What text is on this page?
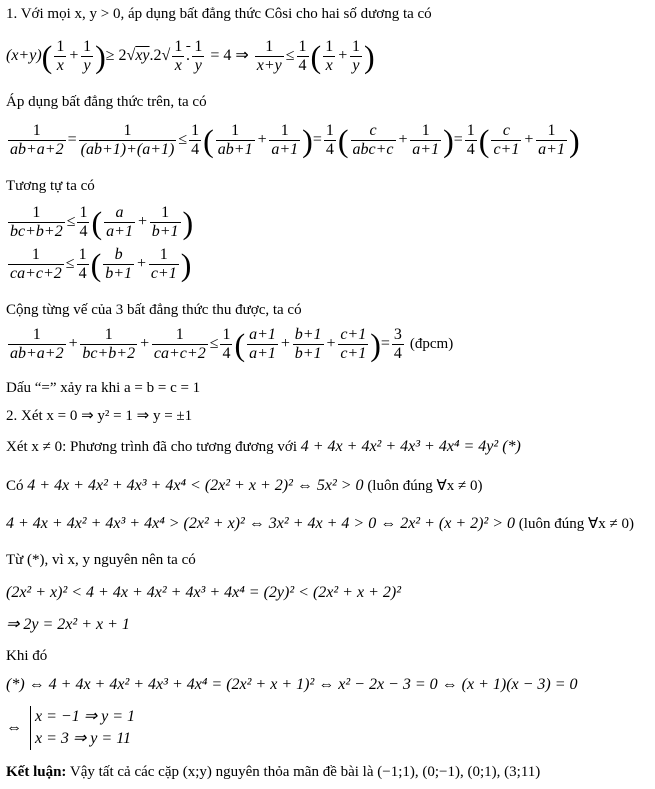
1. Với mọi x, y > 0, áp dụng bất đẳng thức Côsi cho hai số dương ta có
$(x+y)( \frac{1}{x} + \frac{1}{y}$ )≥ $2√xy.2√ \frac{1}{x}$ . $\frac{1}{y} = 4$ ⇒ $\frac{1}{x+y} \le \frac{1}{4}$ ( $\frac{1}{x} + \frac{1}{y}$ )
Áp dụng bất đẳng thức trên, ta có
$\frac{1}{ab+a+2} = \frac{1}{(ab+1)+(a+1)} \le \frac{1}{4}$ ( $\frac{1}{ab+1} + \frac{1}{a+1}$ )= $\frac{1}{4}$ ( $\frac{c}{\text{abc+c}} + \frac{1}{a+1}$ )= $\frac{1}{4}$ ( $\frac{c}{c+1} + \frac{1}{a+1}$ )
Tương tự ta có
$\frac{1}{bc+b+2} \le \frac{1}{4}$ ( $\frac{a}{a+1} + \frac{1}{b+1}$ )
$\frac{1}{ca+c+2} \le \frac{1}{4}$ ( $\frac{b}{b+1} + \frac{1}{c+1}$ )
Cộng từng vế của 3 bất đẳng thức thu được, ta có
$\frac{1}{ab+a+2} + \frac{1}{bc+b+2} + \frac{1}{ca+c+2} \le \frac{1}{4}$ ( $\frac{a+1}{a+1} + \frac{b+1}{b+1} + \frac{c+1}{c+1}$ )= $\frac{3}{4}$ (đpcm)
Dấu “=” xảy ra khi a = b = c = 1
2. Xét x = 0 ⇒ y² = 1 ⇒ y = ±1
Xét x ≠ 0: Phương trình đã cho tương đương với 4 + 4x + 4x² + 4x³ + 4x⁴ = 4y² (*)
Có 4 + 4x + 4x² + 4x³ + 4x⁴ < (2x² + x + 2)² ⇔ 5x² > 0 (luôn đúng ∀x ≠ 0)
4 + 4x + 4x² + 4x³ + 4x⁴ > (2x² + x)² ⇔ 3x² + 4x + 4 > 0 ⇔ 2x² + (x + 2)² > 0 (luôn đúng ∀x ≠ 0)
Từ (*), vì x, y nguyên nên ta có
(2x² + x)² < 4 + 4x + 4x² + 4x³ + 4x⁴ = (2y)² < (2x² + x + 2)²
⇒ 2y = 2x² + x + 1
Khi đó
(*) ⇔ 4 + 4x + 4x² + 4x³ + 4x⁴ = (2x² + x + 1)² ⇔ x² − 2x − 3 = 0 ⇔ (x + 1)(x − 3) = 0
⇔
x = −1 ⇒ y = 1
x = 3 ⇒ y = 11
Kết luận: Vậy tất cả các cặp (x;y) nguyên thỏa mãn đề bài là (−1;1), (0;−1), (0;1), (3;11)
